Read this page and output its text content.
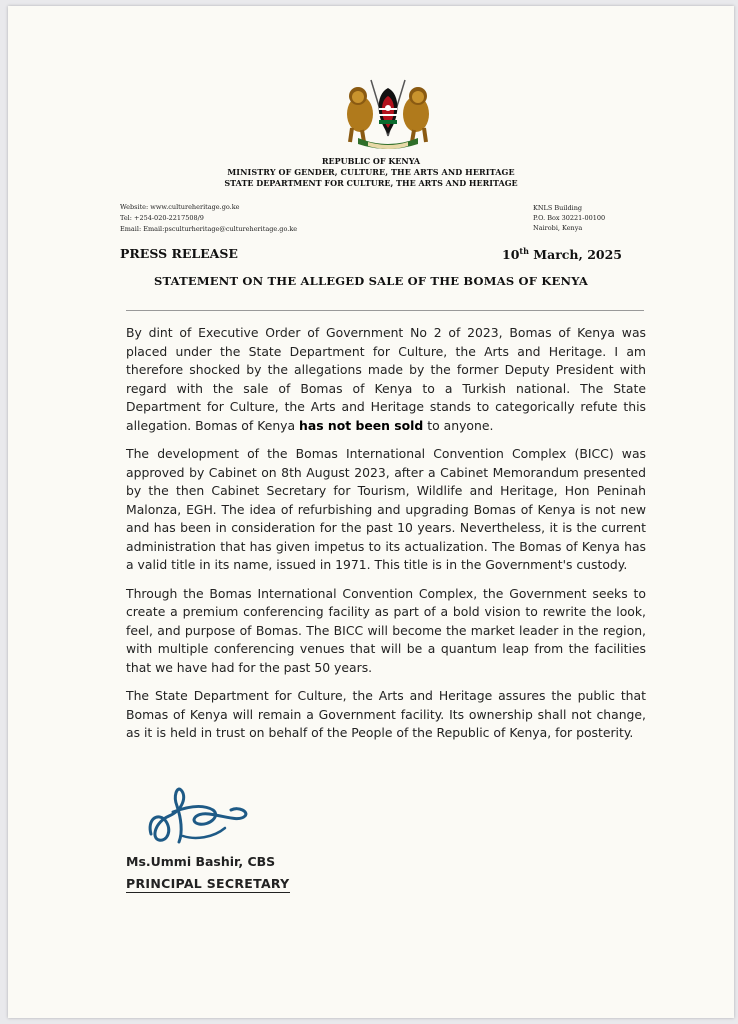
REPUBLIC OF KENYA
MINISTRY OF GENDER, CULTURE, THE ARTS AND HERITAGE
STATE DEPARTMENT FOR CULTURE, THE ARTS AND HERITAGE
Website: www.cultureheritage.go.ke
Tel: +254-020-2217508/9
Email: Email:psculturheritage@cultureheritage.go.ke
KNLS Building
P.O. Box 30221-00100
Nairobi, Kenya
PRESS RELEASE	10th March, 2025
STATEMENT ON THE ALLEGED SALE OF THE BOMAS OF KENYA

By dint of Executive Order of Government No 2 of 2023, Bomas of Kenya was placed under the State Department for Culture, the Arts and Heritage. I am therefore shocked by the allegations made by the former Deputy President with regard with the sale of Bomas of Kenya to a Turkish national. The State Department for Culture, the Arts and Heritage stands to categorically refute this allegation. Bomas of Kenya has not been sold to anyone.

The development of the Bomas International Convention Complex (BICC) was approved by Cabinet on 8th August 2023, after a Cabinet Memorandum presented by the then Cabinet Secretary for Tourism, Wildlife and Heritage, Hon Peninah Malonza, EGH. The idea of refurbishing and upgrading Bomas of Kenya is not new and has been in consideration for the past 10 years. Nevertheless, it is the current administration that has given impetus to its actualization. The Bomas of Kenya has a valid title in its name, issued in 1971. This title is in the Government's custody.

Through the Bomas International Convention Complex, the Government seeks to create a premium conferencing facility as part of a bold vision to rewrite the look, feel, and purpose of Bomas. The BICC will become the market leader in the region, with multiple conferencing venues that will be a quantum leap from the facilities that we have had for the past 50 years.

The State Department for Culture, the Arts and Heritage assures the public that Bomas of Kenya will remain a Government facility. Its ownership shall not change, as it is held in trust on behalf of the People of the Republic of Kenya, for posterity.

Ms.Ummi Bashir, CBS
PRINCIPAL SECRETARY
